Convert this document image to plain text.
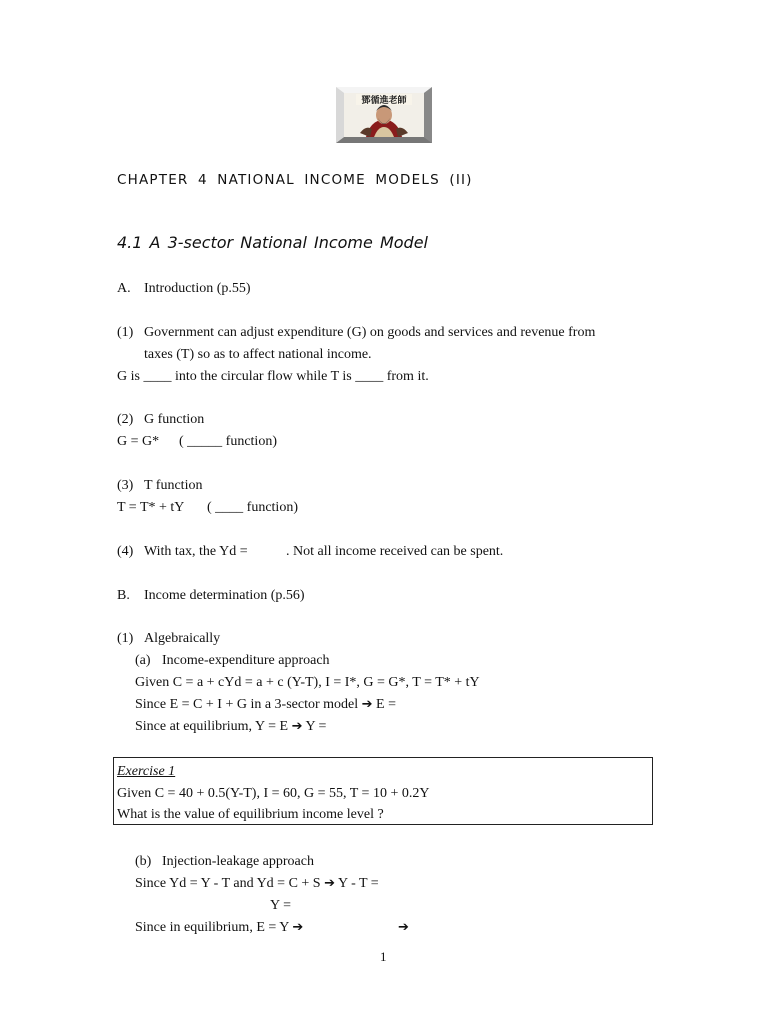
鄧循進老師
CHAPTER 4 NATIONAL INCOME MODELS (II)
4.1 A 3-sector National Income Model
A. Introduction (p.55)
(1) Government can adjust expenditure (G) on goods and services and revenue from
taxes (T) so as to affect national income.
G is ____ into the circular flow while T is ____ from it.
(2) G function
G = G* ( _____ function)
(3) T function
T = T* + tY ( ____ function)
(4) With tax, the Yd =	. Not all income received can be spent.
B. Income determination (p.56)
(1) Algebraically
(a) Income-expenditure approach
Given C = a + cYd = a + c (Y-T), I = I*, G = G*, T = T* + tY
Since E = C + I + G in a 3-sector model ➔ E =
Since at equilibrium, Y = E ➔ Y =
Exercise 1
Given C = 40 + 0.5(Y-T), I = 60, G = 55, T = 10 + 0.2Y
What is the value of equilibrium income level ?
(b) Injection-leakage approach
Since Yd = Y - T and Yd = C + S ➔ Y - T =
Y =
Since in equilibrium, E = Y ➔	➔
1
